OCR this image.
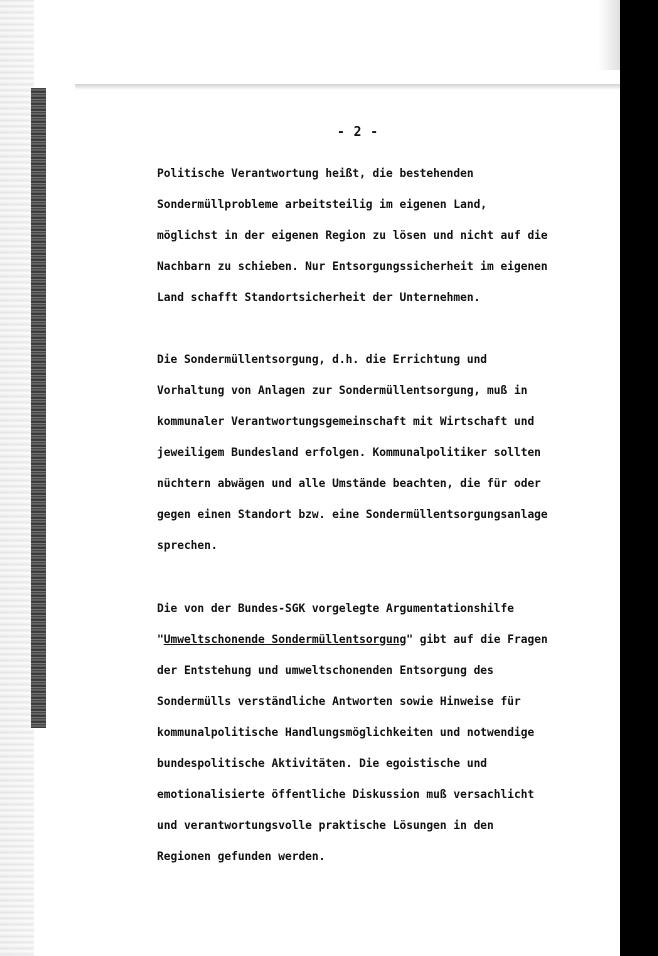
- 2 -

Politische Verantwortung heißt, die bestehenden

Sondermüllprobleme arbeitsteilig im eigenen Land,

möglichst in der eigenen Region zu lösen und nicht auf die

Nachbarn zu schieben. Nur Entsorgungssicherheit im eigenen

Land schafft Standortsicherheit der Unternehmen.

Die Sondermüllentsorgung, d.h. die Errichtung und

Vorhaltung von Anlagen zur Sondermüllentsorgung, muß in

kommunaler Verantwortungsgemeinschaft mit Wirtschaft und

jeweiligem Bundesland erfolgen. Kommunalpolitiker sollten

nüchtern abwägen und alle Umstände beachten, die für oder

gegen einen Standort bzw. eine Sondermüllentsorgungsanlage

sprechen.

Die von der Bundes-SGK vorgelegte Argumentationshilfe

"Umweltschonende Sondermüllentsorgung" gibt auf die Fragen

der Entstehung und umweltschonenden Entsorgung des

Sondermülls verständliche Antworten sowie Hinweise für

kommunalpolitische Handlungsmöglichkeiten und notwendige

bundespolitische Aktivitäten. Die egoistische und

emotionalisierte öffentliche Diskussion muß versachlicht

und verantwortungsvolle praktische Lösungen in den

Regionen gefunden werden.
